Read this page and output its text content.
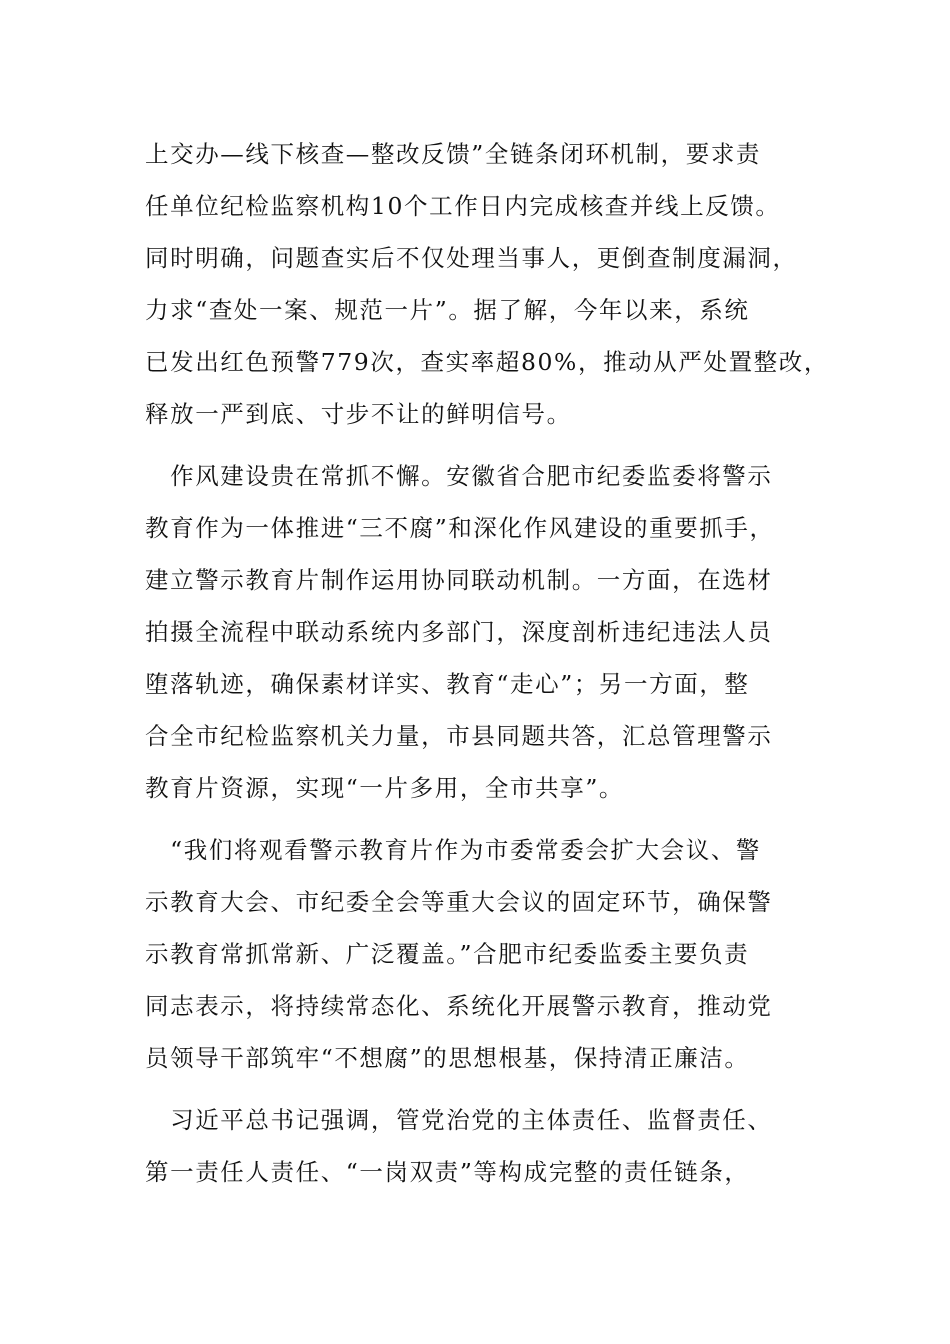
上交办—线下核查—整改反馈”全链条闭环机制，要求责
任单位纪检监察机构10个工作日内完成核查并线上反馈。
同时明确，问题查实后不仅处理当事人，更倒查制度漏洞，
力求“查处一案、规范一片”。据了解，今年以来，系统
已发出红色预警779次，查实率超80%，推动从严处置整改，
释放一严到底、寸步不让的鲜明信号。

　作风建设贵在常抓不懈。安徽省合肥市纪委监委将警示
教育作为一体推进“三不腐”和深化作风建设的重要抓手，
建立警示教育片制作运用协同联动机制。一方面，在选材
拍摄全流程中联动系统内多部门，深度剖析违纪违法人员
堕落轨迹，确保素材详实、教育“走心”；另一方面，整
合全市纪检监察机关力量，市县同题共答，汇总管理警示
教育片资源，实现“一片多用，全市共享”。

　“我们将观看警示教育片作为市委常委会扩大会议、警
示教育大会、市纪委全会等重大会议的固定环节，确保警
示教育常抓常新、广泛覆盖。”合肥市纪委监委主要负责
同志表示，将持续常态化、系统化开展警示教育，推动党
员领导干部筑牢“不想腐”的思想根基，保持清正廉洁。

　习近平总书记强调，管党治党的主体责任、监督责任、
第一责任人责任、“一岗双责”等构成完整的责任链条，
